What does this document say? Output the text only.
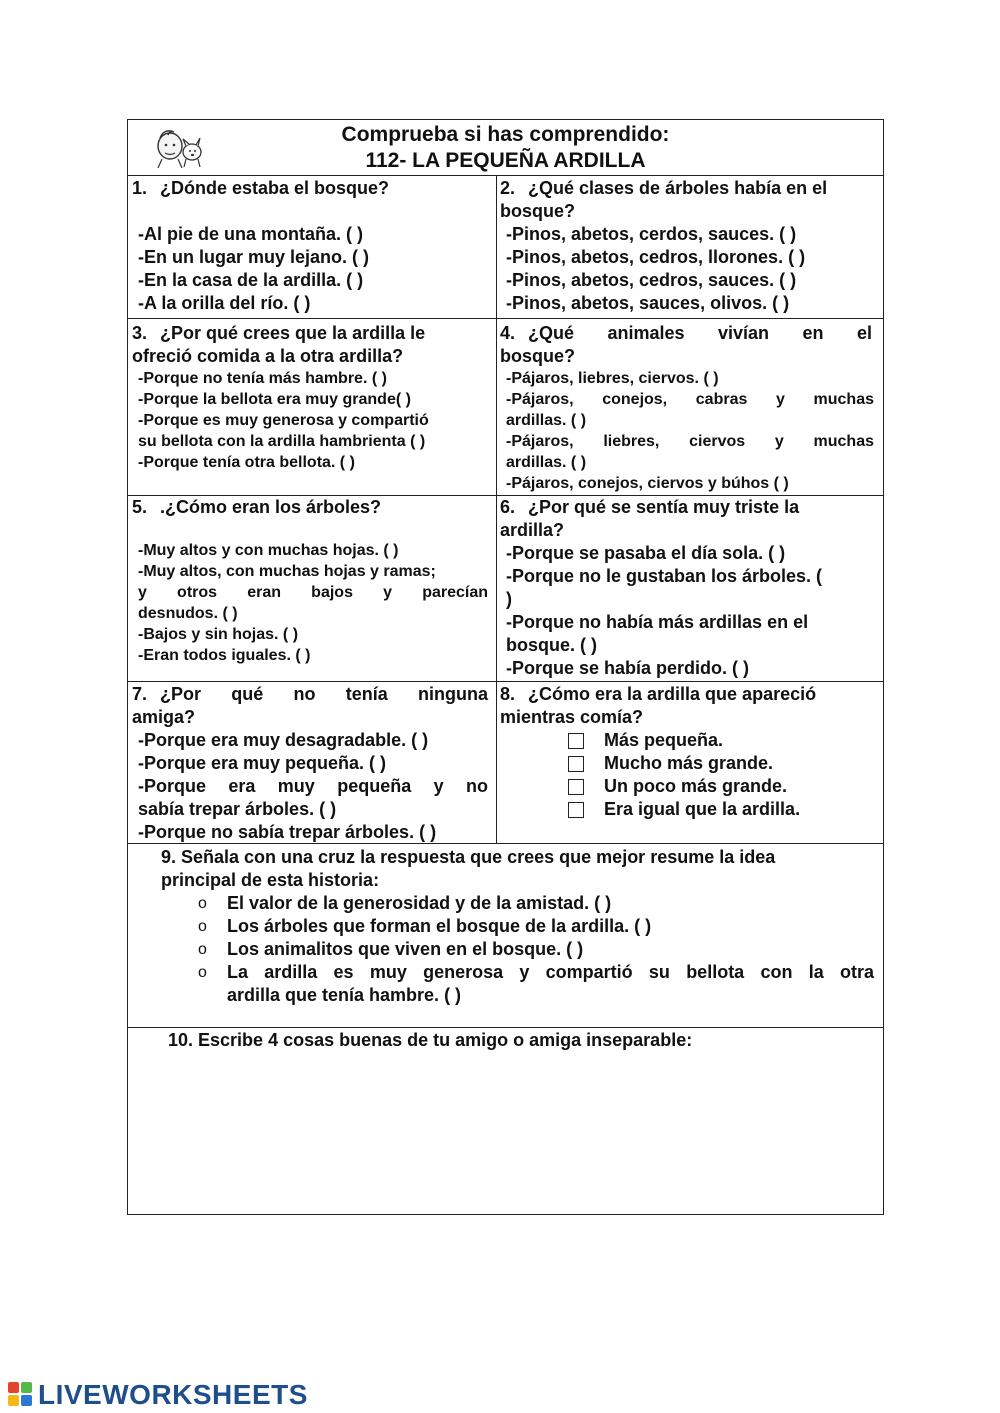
Comprueba si has comprendido:
112- LA PEQUEÑA ARDILLA
1. ¿Dónde estaba el bosque?
-Al pie de una montaña. ( )
-En un lugar muy lejano. ( )
-En la casa de la ardilla. ( )
-A la orilla del río. ( )
2. ¿Qué clases de árboles había en el
bosque?
-Pinos, abetos, cerdos, sauces. ( )
-Pinos, abetos, cedros, llorones. ( )
-Pinos, abetos, cedros, sauces. ( )
-Pinos, abetos, sauces, olivos. ( )
3. ¿Por qué crees que la ardilla le
ofreció comida a la otra ardilla?
-Porque no tenía más hambre. ( )
-Porque la bellota era muy grande( )
-Porque es muy generosa y compartió
su bellota con la ardilla hambrienta ( )
-Porque tenía otra bellota. ( )
4. ¿Qué animales vivían en el
bosque?
-Pájaros, liebres, ciervos. ( )
-Pájaros, conejos, cabras y muchas
ardillas. ( )
-Pájaros, liebres, ciervos y muchas
ardillas. ( )
-Pájaros, conejos, ciervos y búhos ( )
5. .¿Cómo eran los árboles?
-Muy altos y con muchas hojas. ( )
-Muy altos, con muchas hojas y ramas;
y otros eran bajos y parecían
desnudos. ( )
-Bajos y sin hojas. ( )
-Eran todos iguales. ( )
6. ¿Por qué se sentía muy triste la
ardilla?
-Porque se pasaba el día sola. ( )
-Porque no le gustaban los árboles. (
)
-Porque no había más ardillas en el
bosque. ( )
-Porque se había perdido. ( )
7. ¿Por qué no tenía ninguna
amiga?
-Porque era muy desagradable. ( )
-Porque era muy pequeña. ( )
-Porque era muy pequeña y no
sabía trepar árboles. ( )
-Porque no sabía trepar árboles. ( )
8. ¿Cómo era la ardilla que apareció
mientras comía?
Más pequeña.
Mucho más grande.
Un poco más grande.
Era igual que la ardilla.
9. Señala con una cruz la respuesta que crees que mejor resume la idea
principal de esta historia:
o El valor de la generosidad y de la amistad. ( )
o Los árboles que forman el bosque de la ardilla. ( )
o Los animalitos que viven en el bosque. ( )
o La ardilla es muy generosa y compartió su bellota con la otra
ardilla que tenía hambre. ( )
10. Escribe 4 cosas buenas de tu amigo o amiga inseparable:
LIVEWORKSHEETS
